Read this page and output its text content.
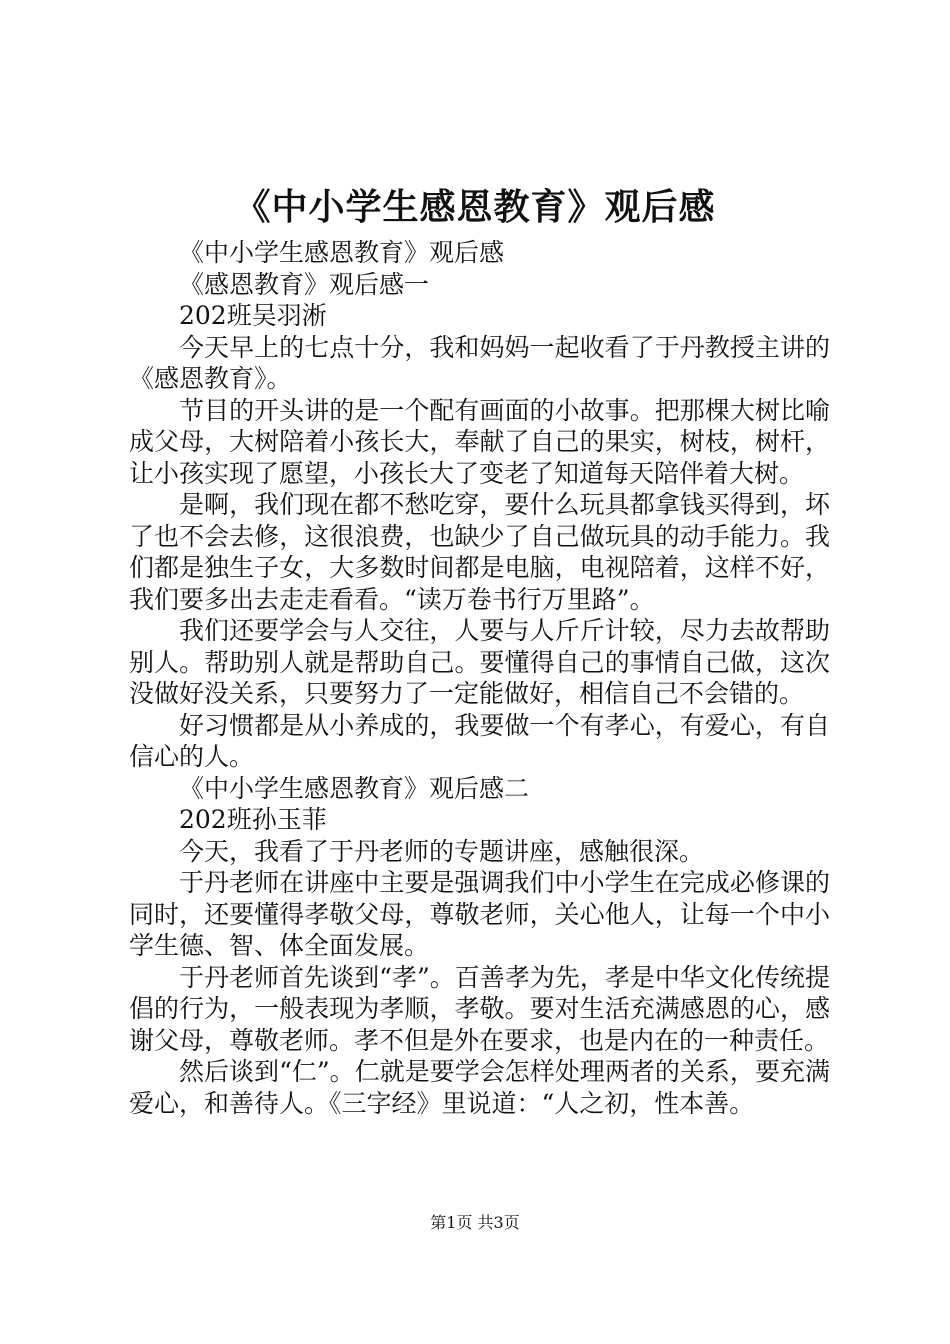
《中小学生感恩教育》观后感

《中小学生感恩教育》观后感

《感恩教育》观后感一

202班吴羽淅

今天早上的七点十分，我和妈妈一起收看了于丹教授主讲的《感恩教育》。

节目的开头讲的是一个配有画面的小故事。把那棵大树比喻成父母，大树陪着小孩长大，奉献了自己的果实，树枝，树杆，让小孩实现了愿望，小孩长大了变老了知道每天陪伴着大树。

是啊，我们现在都不愁吃穿，要什么玩具都拿钱买得到，坏了也不会去修，这很浪费，也缺少了自己做玩具的动手能力。我们都是独生子女，大多数时间都是电脑，电视陪着，这样不好，我们要多出去走走看看。“读万卷书行万里路”。

我们还要学会与人交往，人要与人斤斤计较，尽力去故帮助别人。帮助别人就是帮助自己。要懂得自己的事情自己做，这次没做好没关系，只要努力了一定能做好，相信自己不会错的。

好习惯都是从小养成的，我要做一个有孝心，有爱心，有自信心的人。

《中小学生感恩教育》观后感二

202班孙玉菲

今天，我看了于丹老师的专题讲座，感触很深。

于丹老师在讲座中主要是强调我们中小学生在完成必修课的同时，还要懂得孝敬父母，尊敬老师，关心他人，让每一个中小学生德、智、体全面发展。

于丹老师首先谈到“孝”。百善孝为先，孝是中华文化传统提倡的行为，一般表现为孝顺，孝敬。要对生活充满感恩的心，感谢父母，尊敬老师。孝不但是外在要求，也是内在的一种责任。

然后谈到“仁”。仁就是要学会怎样处理两者的关系，要充满爱心，和善待人。《三字经》里说道：“人之初，性本善。

第1页 共3页
